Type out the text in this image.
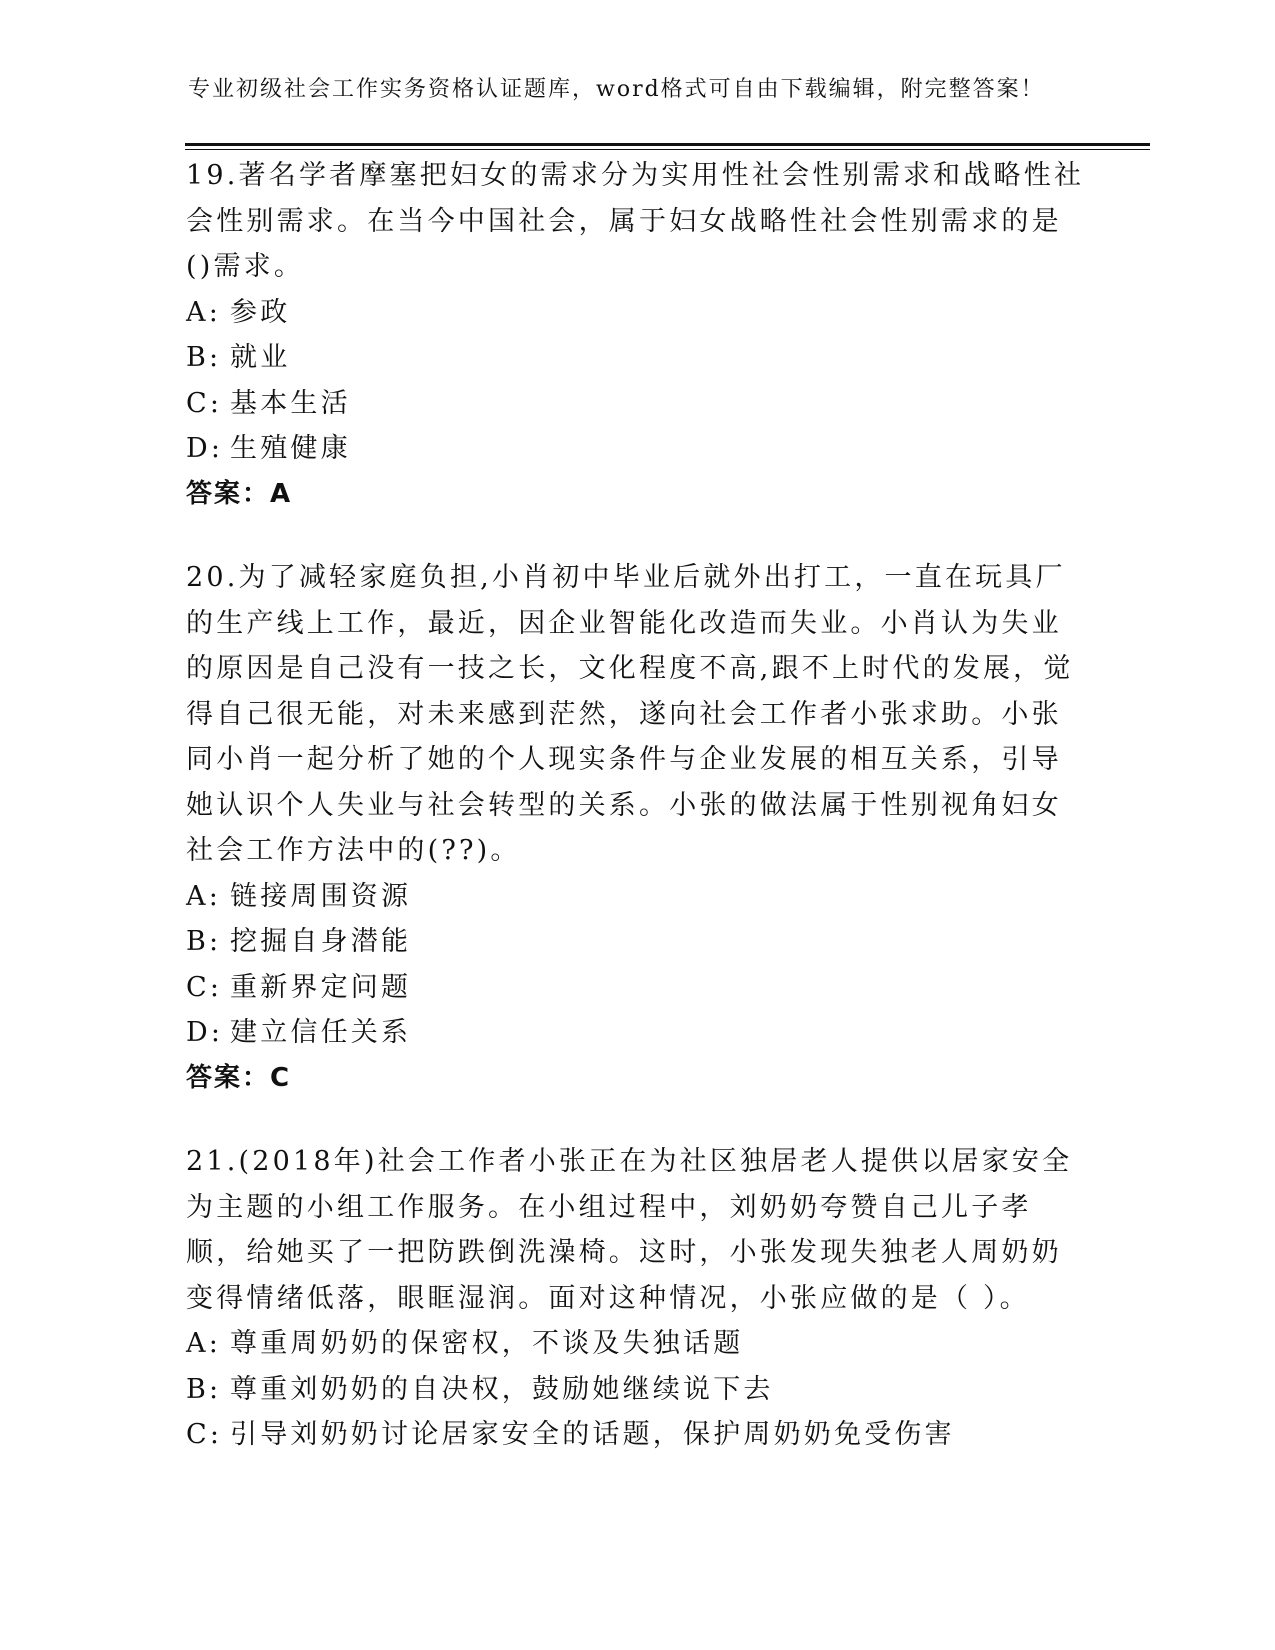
专业初级社会工作实务资格认证题库，word格式可自由下载编辑，附完整答案！
19.著名学者摩塞把妇女的需求分为实用性社会性别需求和战略性社会性别需求。在当今中国社会，属于妇女战略性社会性别需求的是()需求。
A: 参政
B: 就业
C: 基本生活
D: 生殖健康
答案：A
20.为了减轻家庭负担,小肖初中毕业后就外出打工，一直在玩具厂的生产线上工作，最近，因企业智能化改造而失业。小肖认为失业的原因是自己没有一技之长，文化程度不高,跟不上时代的发展，觉得自己很无能，对未来感到茫然，遂向社会工作者小张求助。小张同小肖一起分析了她的个人现实条件与企业发展的相互关系，引导她认识个人失业与社会转型的关系。小张的做法属于性别视角妇女社会工作方法中的(??)。
A: 链接周围资源
B: 挖掘自身潜能
C: 重新界定问题
D: 建立信任关系
答案：C
21.(2018年)社会工作者小张正在为社区独居老人提供以居家安全为主题的小组工作服务。在小组过程中，刘奶奶夸赞自己儿子孝顺，给她买了一把防跌倒洗澡椅。这时，小张发现失独老人周奶奶变得情绪低落，眼眶湿润。面对这种情况，小张应做的是（ ）。
A: 尊重周奶奶的保密权，不谈及失独话题
B: 尊重刘奶奶的自决权，鼓励她继续说下去
C: 引导刘奶奶讨论居家安全的话题，保护周奶奶免受伤害
